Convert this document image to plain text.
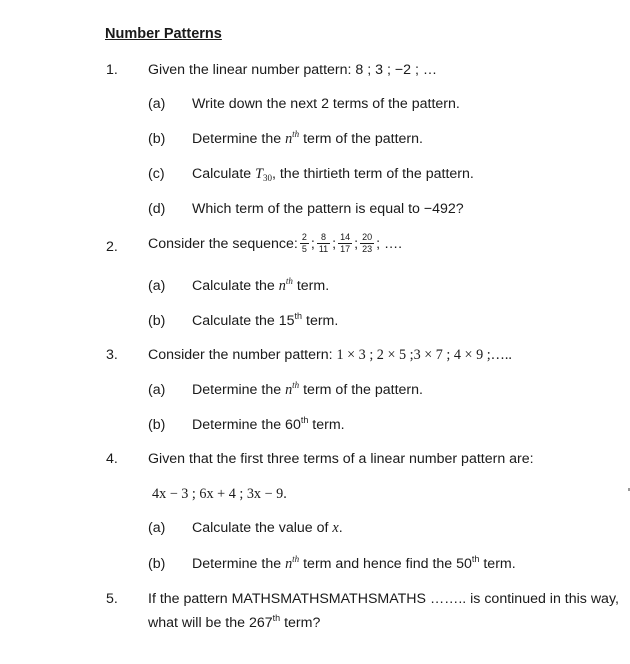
Number Patterns
1. Given the linear number pattern: 8 ; 3 ; −2 ; …
(a) Write down the next 2 terms of the pattern.
(b) Determine the $n^{th}$ term of the pattern.
(c) Calculate $T_{30}$, the thirtieth term of the pattern.
(d) Which term of the pattern is equal to −492?
2. Consider the sequence: $\frac{2}{5}$ ; $\frac{8}{11}$ ; $\frac{14}{17}$ ; $\frac{20}{23}$ ; ….
(a) Calculate the $n^{th}$ term.
(b) Calculate the 15th term.
3. Consider the number pattern: 1 × 3 ; 2 × 5 ;3 × 7 ; 4 × 9 ;…..
(a) Determine the $n^{th}$ term of the pattern.
(b) Determine the 60th term.
4. Given that the first three terms of a linear number pattern are:
4x − 3 ; 6x + 4 ; 3x − 9.
(a) Calculate the value of x.
(b) Determine the $n^{th}$ term and hence find the 50th term.
5. If the pattern MATHSMATHSMATHSMATHS …….. is continued in this way,
what will be the 267th term?
